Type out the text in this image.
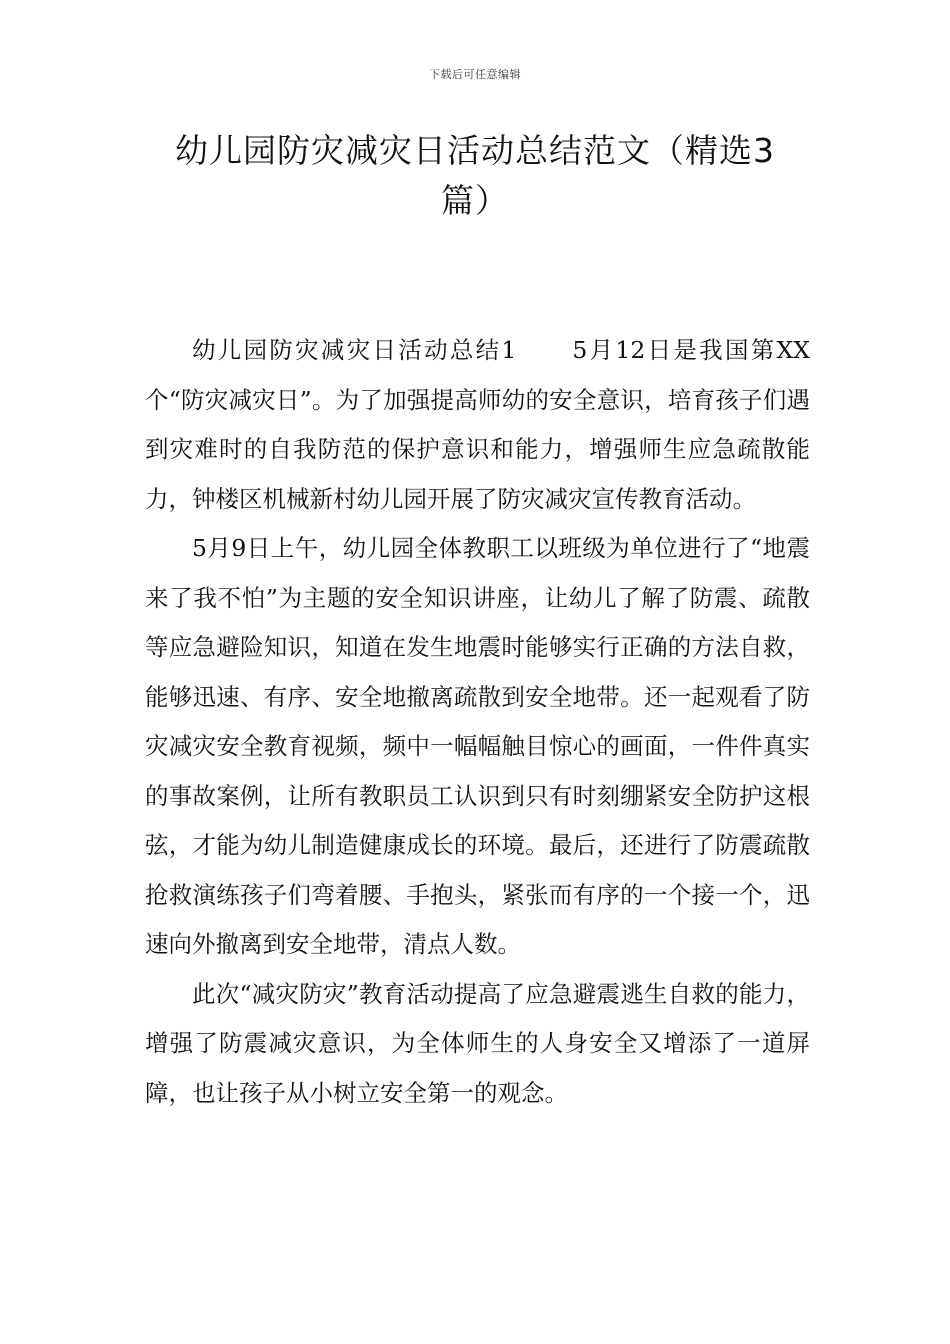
下载后可任意编辑
幼儿园防灾减灾日活动总结范文（精选3篇）

幼儿园防灾减灾日活动总结1 5月12日是我国第XX个“防灾减灾日”。为了加强提高师幼的安全意识，培育孩子们遇到灾难时的自我防范的保护意识和能力，增强师生应急疏散能力，钟楼区机械新村幼儿园开展了防灾减灾宣传教育活动。

5月9日上午，幼儿园全体教职工以班级为单位进行了“地震来了我不怕”为主题的安全知识讲座，让幼儿了解了防震、疏散等应急避险知识，知道在发生地震时能够实行正确的方法自救，能够迅速、有序、安全地撤离疏散到安全地带。还一起观看了防灾减灾安全教育视频，频中一幅幅触目惊心的画面，一件件真实的事故案例，让所有教职员工认识到只有时刻绷紧安全防护这根弦，才能为幼儿制造健康成长的环境。最后，还进行了防震疏散抢救演练孩子们弯着腰、手抱头，紧张而有序的一个接一个，迅速向外撤离到安全地带，清点人数。

此次“减灾防灾”教育活动提高了应急避震逃生自救的能力，增强了防震减灾意识，为全体师生的人身安全又增添了一道屏障，也让孩子从小树立安全第一的观念。
